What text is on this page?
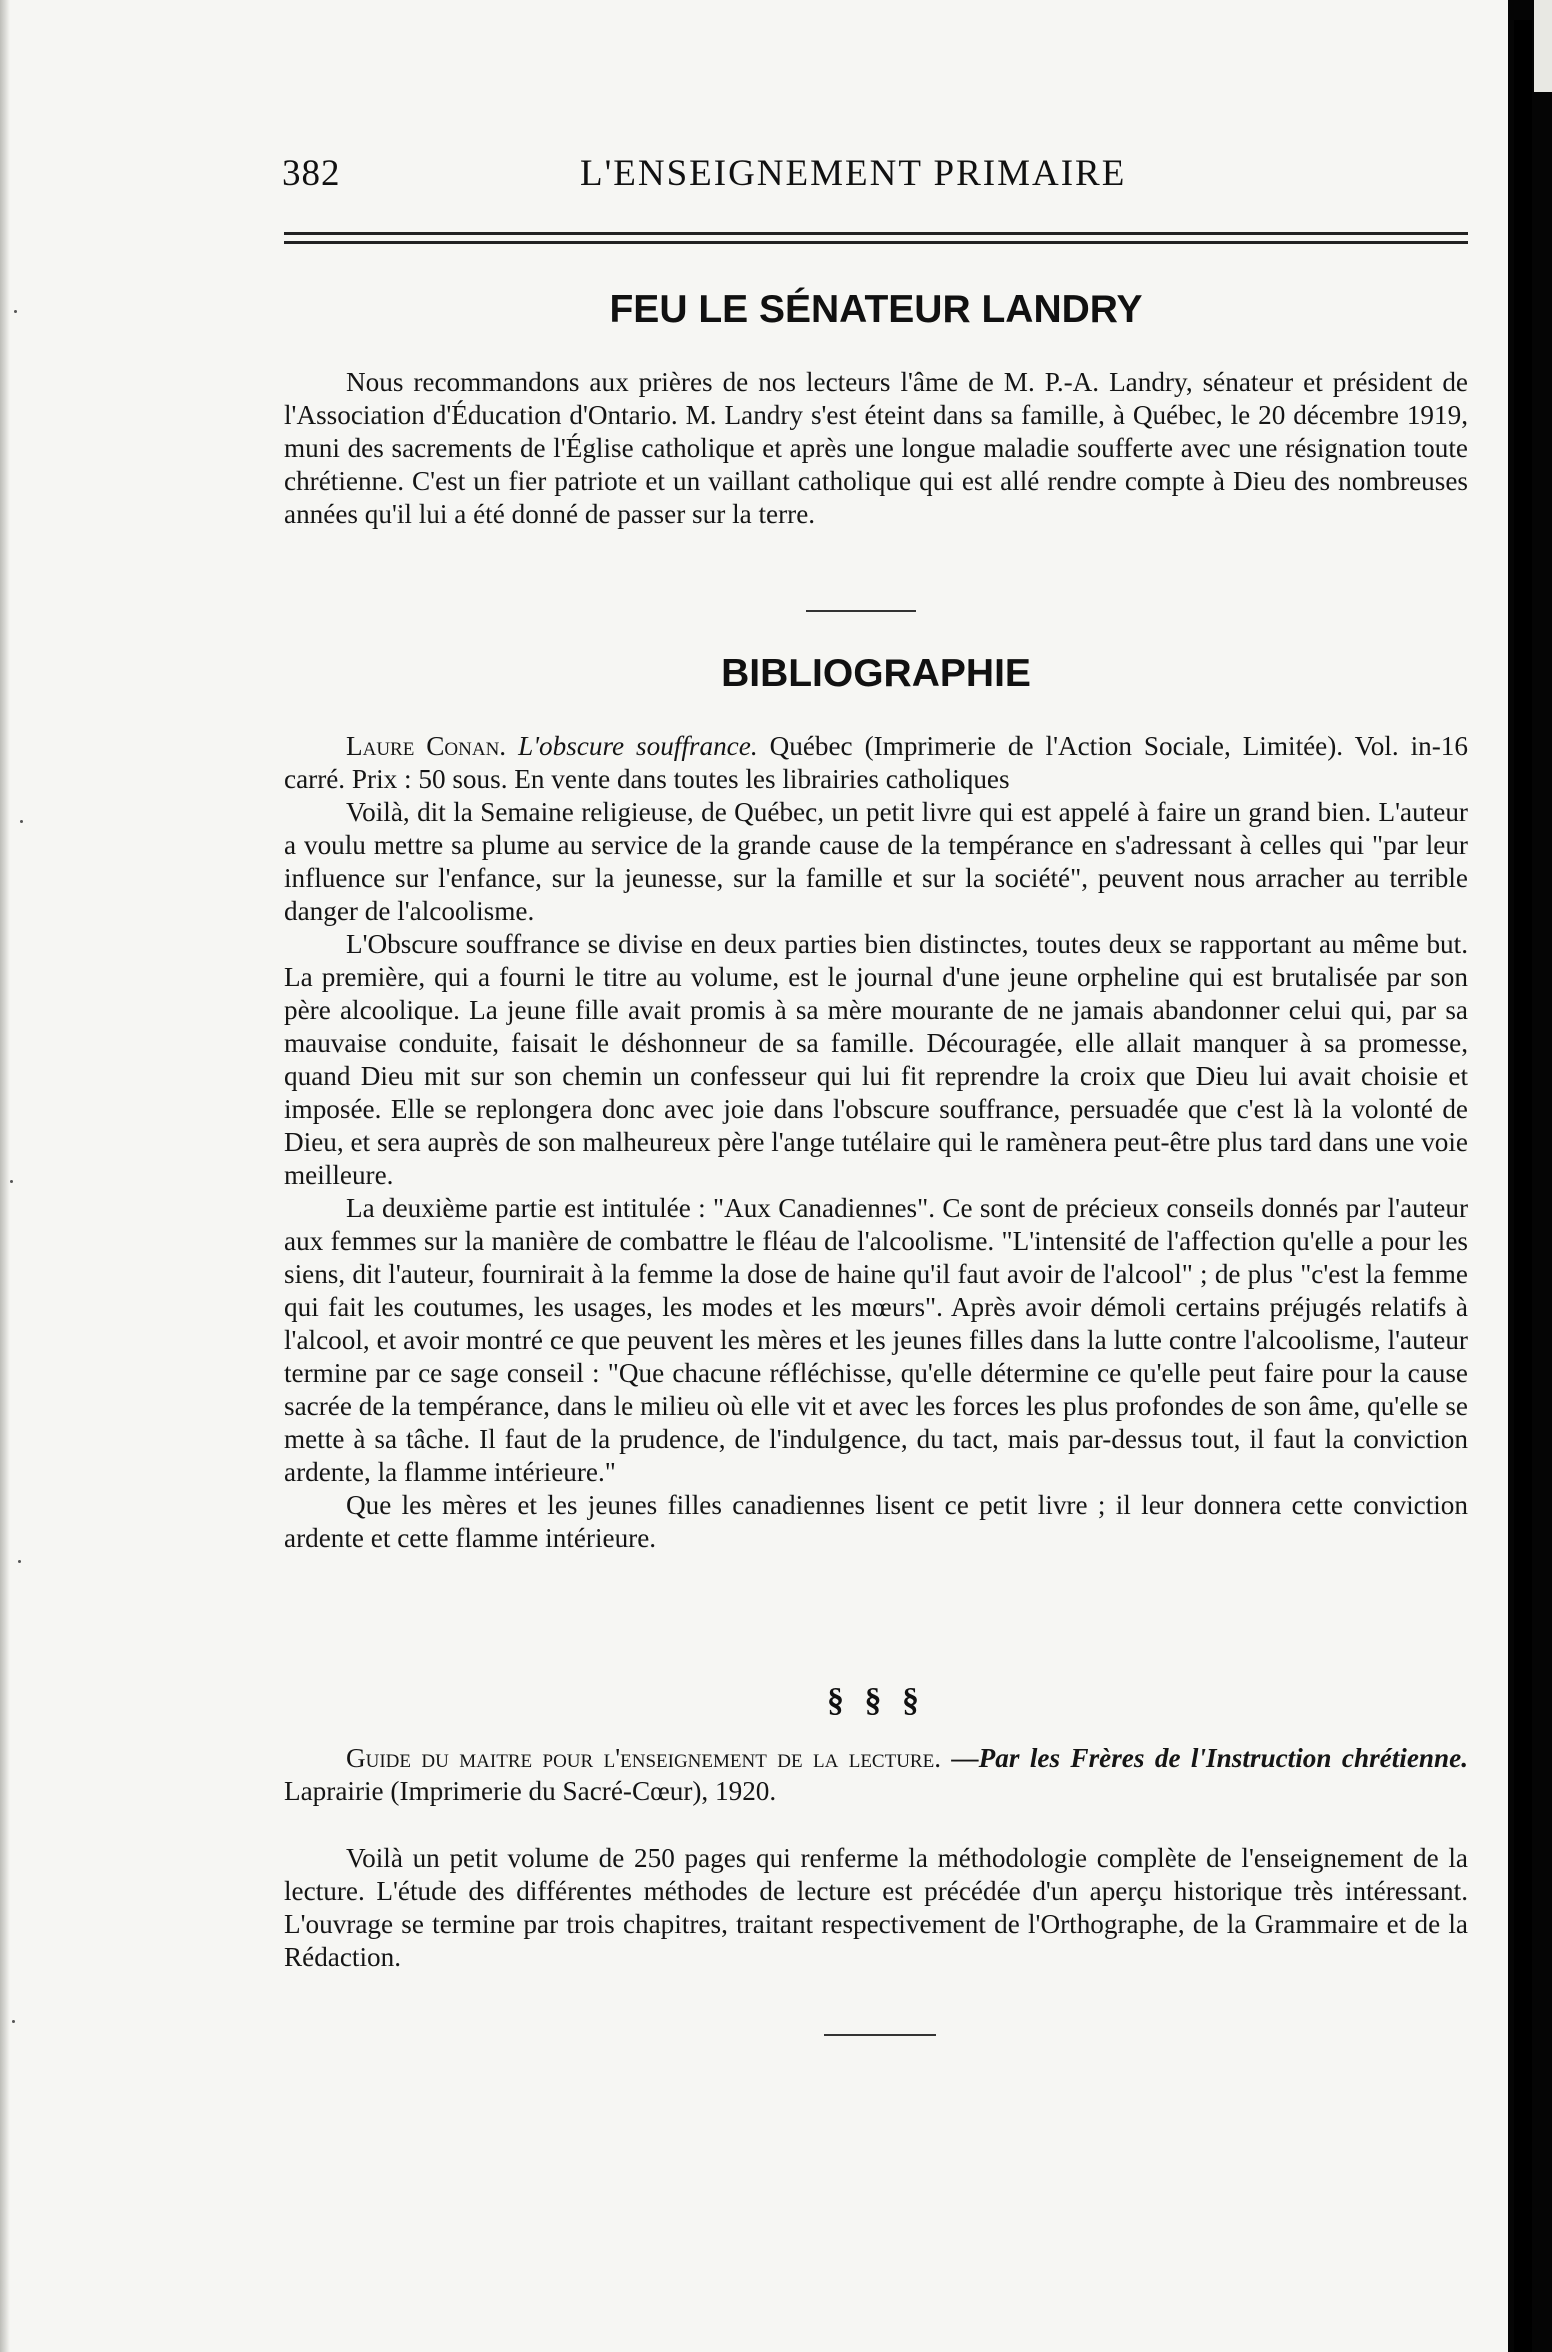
382	L'ENSEIGNEMENT PRIMAIRE
FEU LE SÉNATEUR LANDRY

Nous recommandons aux prières de nos lecteurs l'âme de M. P.-A. Landry, sénateur et président de l'Association d'Éducation d'Ontario. M. Landry s'est éteint dans sa famille, à Québec, le 20 décembre 1919, muni des sacrements de l'Église catholique et après une longue maladie soufferte avec une résignation toute chrétienne. C'est un fier patriote et un vaillant catholique qui est allé rendre compte à Dieu des nombreuses années qu'il lui a été donné de passer sur la terre.

BIBLIOGRAPHIE

Laure Conan. L'obscure souffrance. Québec (Imprimerie de l'Action Sociale, Limitée). Vol. in-16 carré. Prix : 50 sous. En vente dans toutes les librairies catholiques

Voilà, dit la Semaine religieuse, de Québec, un petit livre qui est appelé à faire un grand bien. L'auteur a voulu mettre sa plume au service de la grande cause de la tempérance en s'adressant à celles qui "par leur influence sur l'enfance, sur la jeunesse, sur la famille et sur la société", peuvent nous arracher au terrible danger de l'alcoolisme.

L'Obscure souffrance se divise en deux parties bien distinctes, toutes deux se rapportant au même but. La première, qui a fourni le titre au volume, est le journal d'une jeune orpheline qui est brutalisée par son père alcoolique. La jeune fille avait promis à sa mère mourante de ne jamais abandonner celui qui, par sa mauvaise conduite, faisait le déshonneur de sa famille. Découragée, elle allait manquer à sa promesse, quand Dieu mit sur son chemin un confesseur qui lui fit reprendre la croix que Dieu lui avait choisie et imposée. Elle se replongera donc avec joie dans l'obscure souffrance, persuadée que c'est là la volonté de Dieu, et sera auprès de son malheureux père l'ange tutélaire qui le ramènera peut-être plus tard dans une voie meilleure.

La deuxième partie est intitulée : "Aux Canadiennes". Ce sont de précieux conseils donnés par l'auteur aux femmes sur la manière de combattre le fléau de l'alcoolisme. "L'intensité de l'affection qu'elle a pour les siens, dit l'auteur, fournirait à la femme la dose de haine qu'il faut avoir de l'alcool" ; de plus "c'est la femme qui fait les coutumes, les usages, les modes et les mœurs". Après avoir démoli certains préjugés relatifs à l'alcool, et avoir montré ce que peuvent les mères et les jeunes filles dans la lutte contre l'alcoolisme, l'auteur termine par ce sage conseil : "Que chacune réfléchisse, qu'elle détermine ce qu'elle peut faire pour la cause sacrée de la tempérance, dans le milieu où elle vit et avec les forces les plus profondes de son âme, qu'elle se mette à sa tâche. Il faut de la prudence, de l'indulgence, du tact, mais par-dessus tout, il faut la conviction ardente, la flamme intérieure."

Que les mères et les jeunes filles canadiennes lisent ce petit livre ; il leur donnera cette conviction ardente et cette flamme intérieure.

§ § §

Guide du maitre pour l'enseignement de la lecture. —Par les Frères de l'Instruction chrétienne. Laprairie (Imprimerie du Sacré-Cœur), 1920.

Voilà un petit volume de 250 pages qui renferme la méthodologie complète de l'enseignement de la lecture. L'étude des différentes méthodes de lecture est précédée d'un aperçu historique très intéressant. L'ouvrage se termine par trois chapitres, traitant respectivement de l'Orthographe, de la Grammaire et de la Rédaction.
